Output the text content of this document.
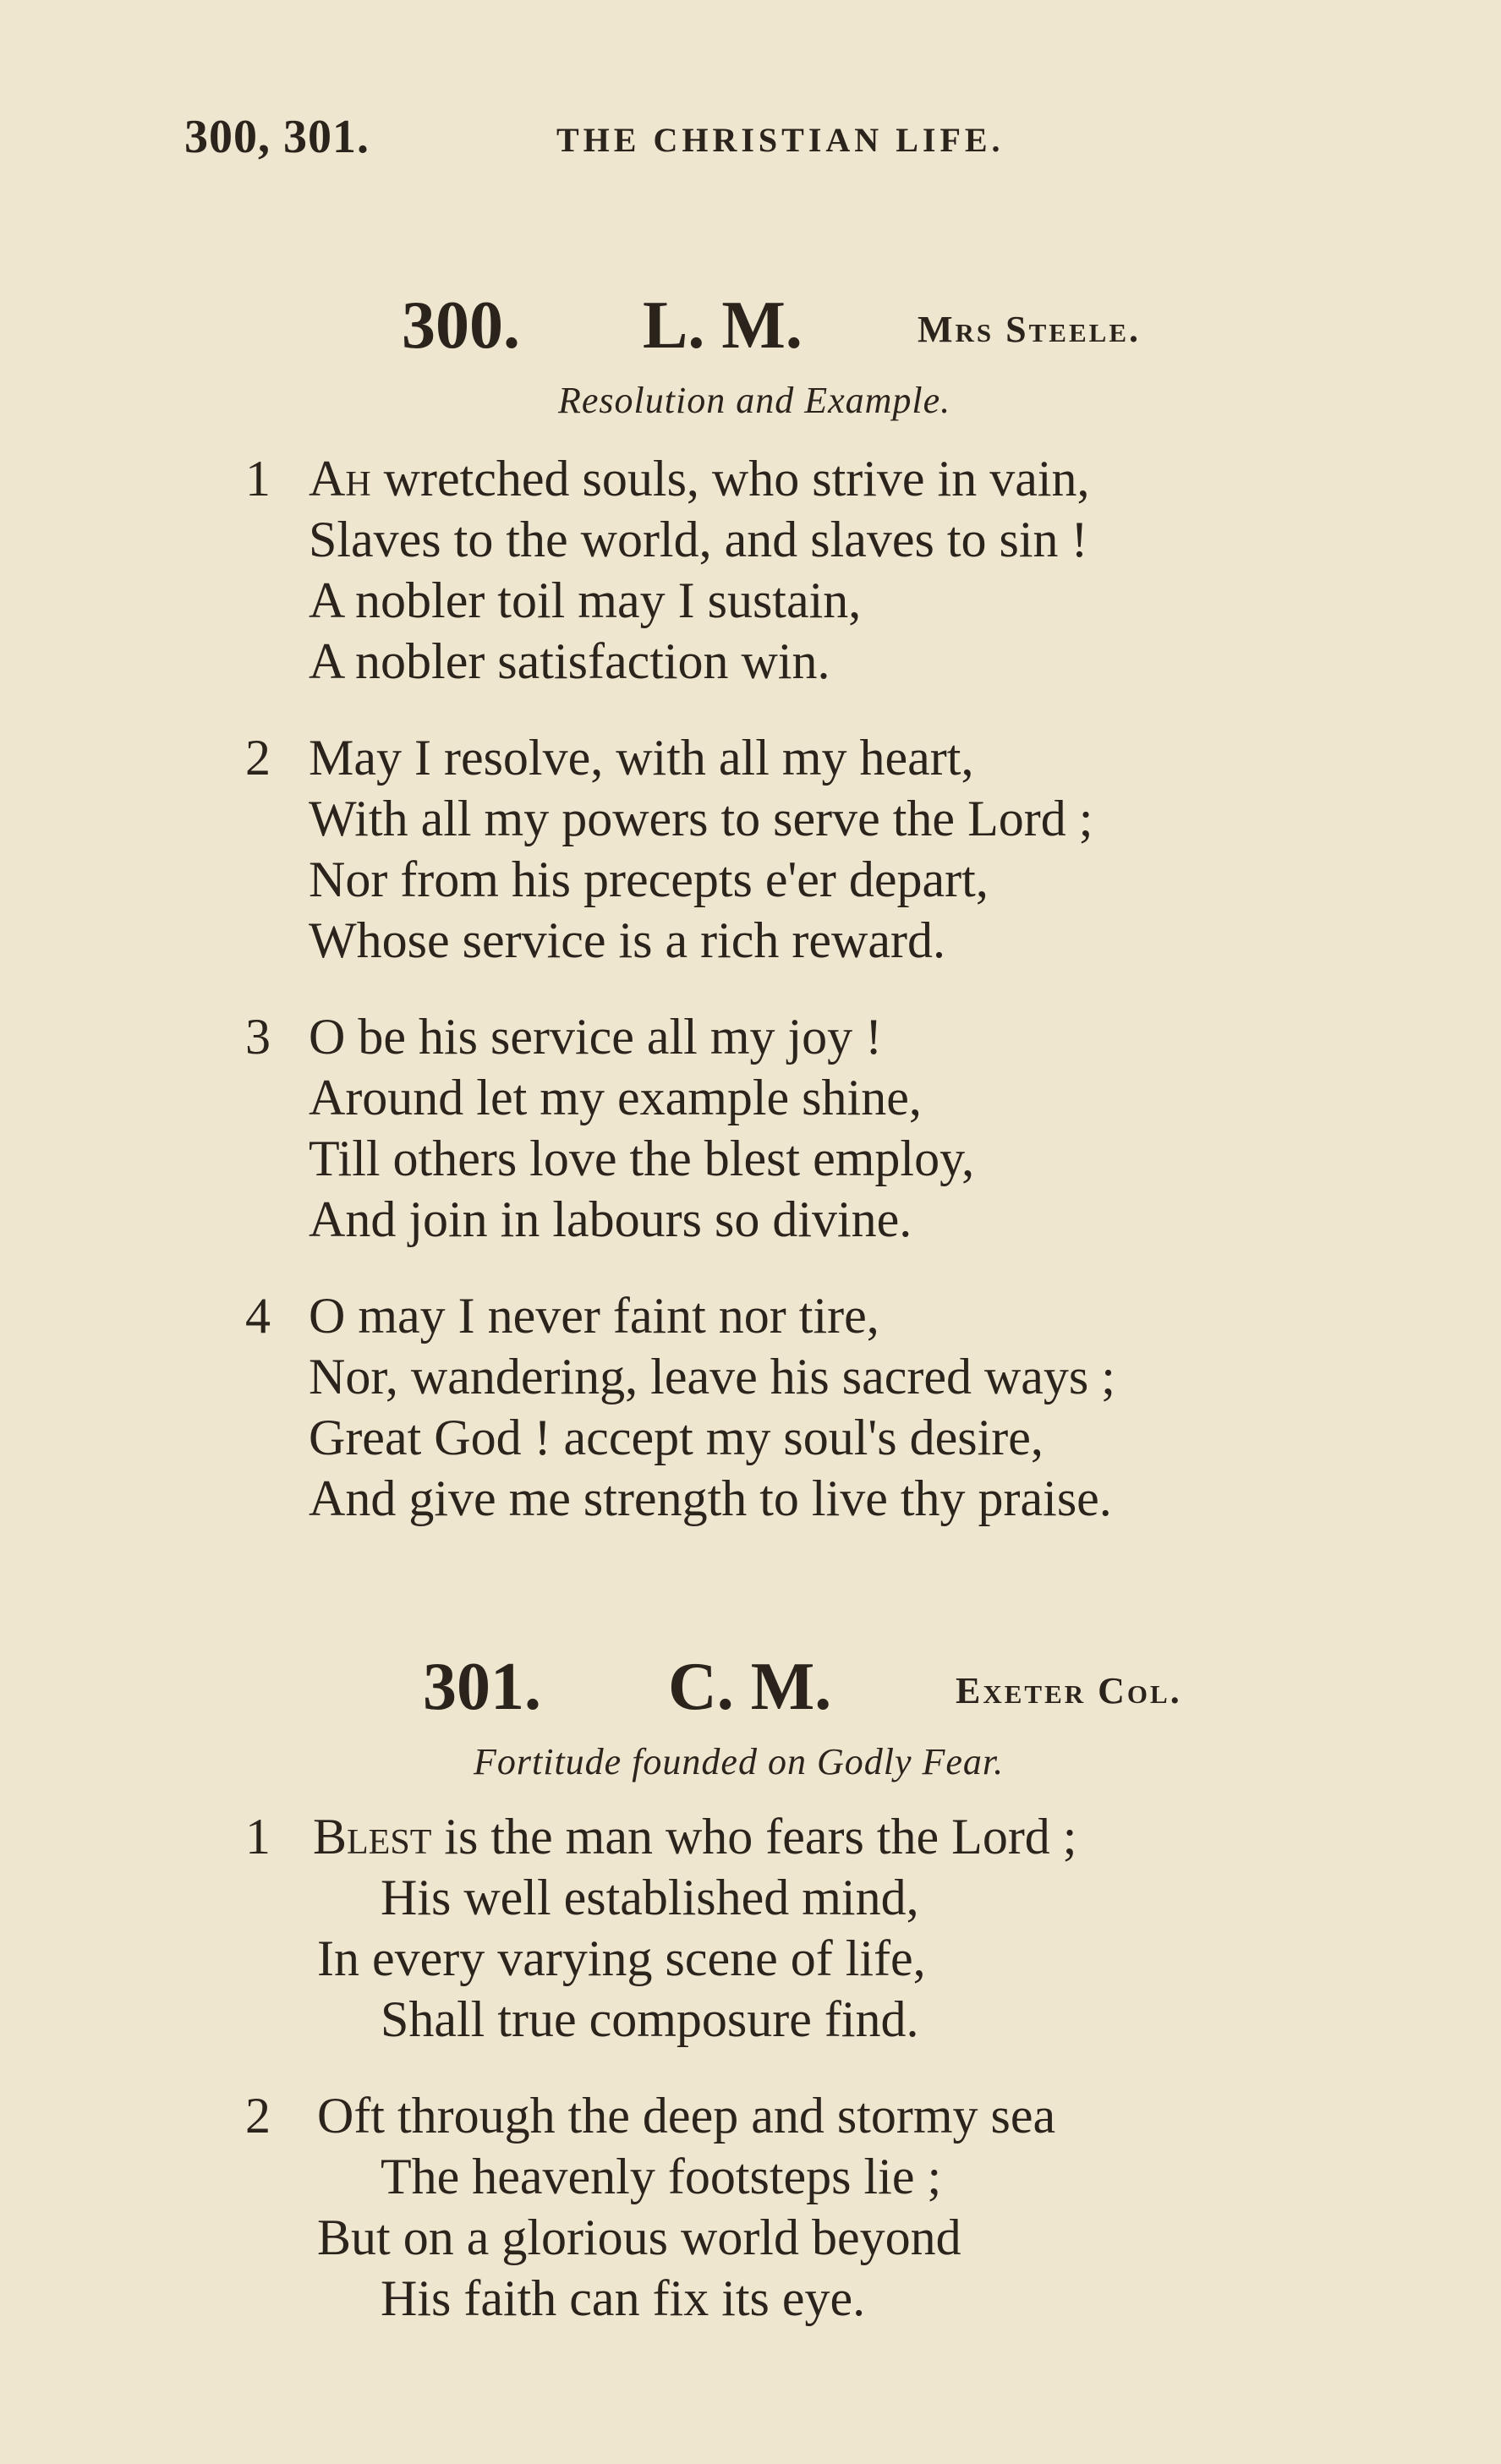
300, 301.	THE CHRISTIAN LIFE.
300. L. M.	Mrs Steele.
Resolution and Example.
1 Ah wretched souls, who strive in vain,
Slaves to the world, and slaves to sin !
A nobler toil may I sustain,
A nobler satisfaction win.
2 May I resolve, with all my heart,
With all my powers to serve the Lord ;
Nor from his precepts e'er depart,
Whose service is a rich reward.
3 O be his service all my joy !
Around let my example shine,
Till others love the blest employ,
And join in labours so divine.
4 O may I never faint nor tire,
Nor, wandering, leave his sacred ways ;
Great God ! accept my soul's desire,
And give me strength to live thy praise.
301. C. M.	Exeter Col.
Fortitude founded on Godly Fear.
1 Blest is the man who fears the Lord ;
His well established mind,
In every varying scene of life,
Shall true composure find.
2 Oft through the deep and stormy sea
The heavenly footsteps lie ;
But on a glorious world beyond
His faith can fix its eye.
